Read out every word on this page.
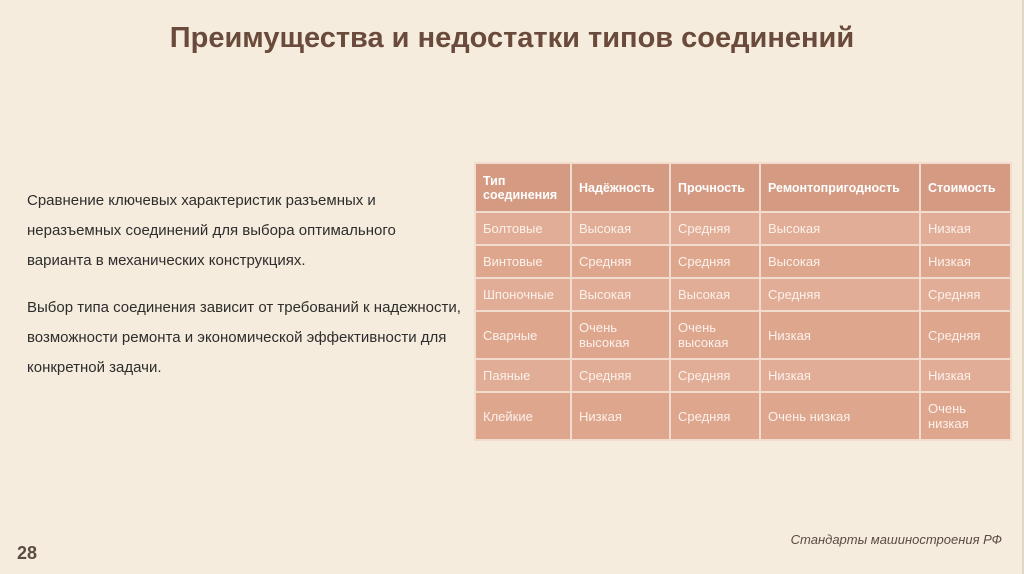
Преимущества и недостатки типов соединений

Сравнение ключевых характеристик разъемных и неразъемных соединений для выбора оптимального варианта в механических конструкциях.

Выбор типа соединения зависит от требований к надежности, возможности ремонта и экономической эффективности для конкретной задачи.

Тип соединения	Надёжность	Прочность	Ремонтопригодность	Стоимость
Болтовые	Высокая	Средняя	Высокая	Низкая
Винтовые	Средняя	Средняя	Высокая	Низкая
Шпоночные	Высокая	Высокая	Средняя	Средняя
Сварные	Очень высокая	Очень высокая	Низкая	Средняя
Паяные	Средняя	Средняя	Низкая	Низкая
Клейкие	Низкая	Средняя	Очень низкая	Очень низкая
28
Стандарты машиностроения РФ
